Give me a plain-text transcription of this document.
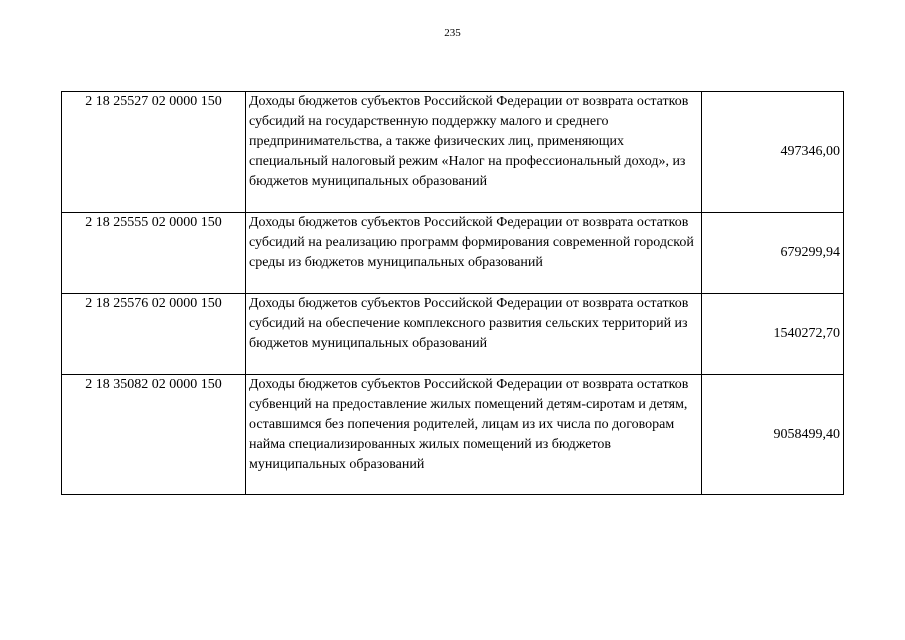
235
2 18 25527 02 0000 150	Доходы бюджетов субъектов Российской Федерации от возврата остатков субсидий на государственную поддержку малого и среднего предпринимательства, а также физических лиц, применяющих специальный налоговый режим «Налог на профессиональный доход», из бюджетов муниципальных образований	497346,00
2 18 25555 02 0000 150	Доходы бюджетов субъектов Российской Федерации от возврата остатков субсидий на реализацию программ формирования современной городской среды из бюджетов муниципальных образований	679299,94
2 18 25576 02 0000 150	Доходы бюджетов субъектов Российской Федерации от возврата остатков субсидий на обеспечение комплексного развития сельских территорий из бюджетов муниципальных образований	1540272,70
2 18 35082 02 0000 150	Доходы бюджетов субъектов Российской Федерации от возврата остатков субвенций на предоставление жилых помещений детям-сиротам и детям, оставшимся без попечения родителей, лицам из их числа по договорам найма специализированных жилых помещений из бюджетов муниципальных образований	9058499,40
